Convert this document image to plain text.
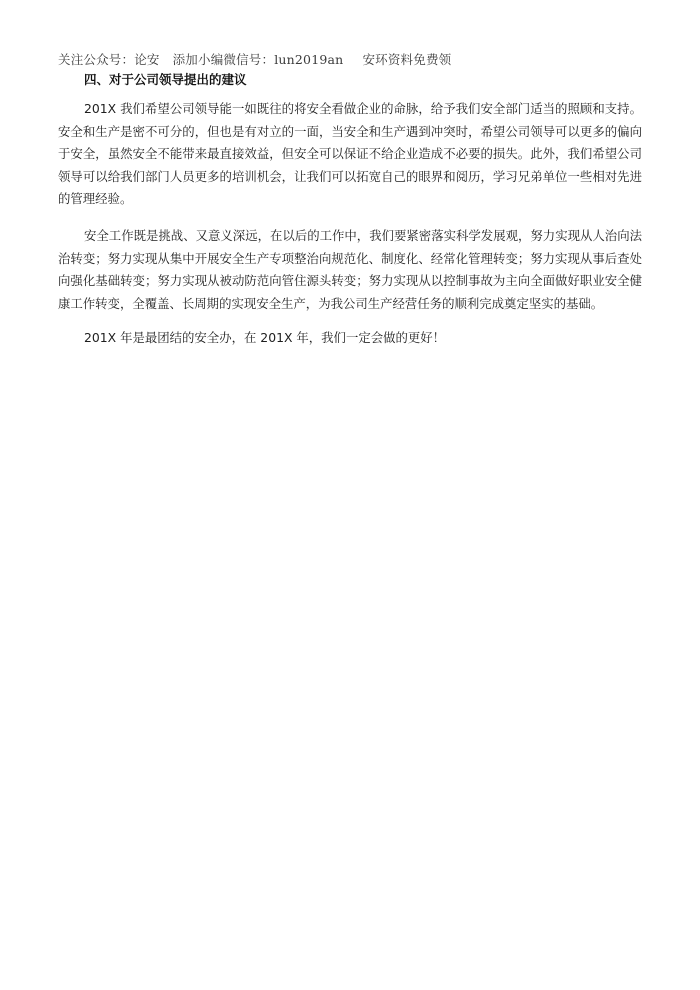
关注公众号：论安 添加小编微信号：lun2019an 安环资料免费领
四、对于公司领导提出的建议

201X 我们希望公司领导能一如既往的将安全看做企业的命脉，给予我们安全部门适当的照顾和支持。安全和生产是密不可分的，但也是有对立的一面，当安全和生产遇到冲突时，希望公司领导可以更多的偏向于安全，虽然安全不能带来最直接效益，但安全可以保证不给企业造成不必要的损失。此外，我们希望公司领导可以给我们部门人员更多的培训机会，让我们可以拓宽自己的眼界和阅历，学习兄弟单位一些相对先进的管理经验。

安全工作既是挑战、又意义深远，在以后的工作中，我们要紧密落实科学发展观，努力实现从人治向法治转变；努力实现从集中开展安全生产专项整治向规范化、制度化、经常化管理转变；努力实现从事后查处向强化基础转变；努力实现从被动防范向管住源头转变；努力实现从以控制事故为主向全面做好职业安全健康工作转变，全覆盖、长周期的实现安全生产，为我公司生产经营任务的顺利完成奠定坚实的基础。

201X 年是最团结的安全办，在 201X 年，我们一定会做的更好！
